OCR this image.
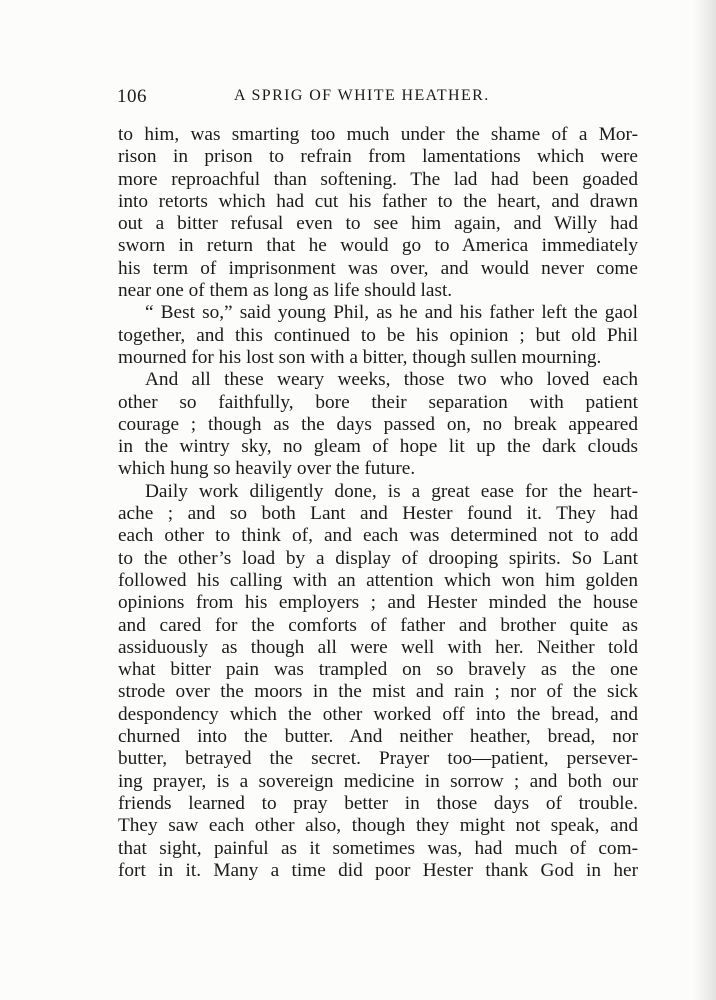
106	A SPRIG OF WHITE HEATHER.
to him, was smarting too much under the shame of a Mor-
rison in prison to refrain from lamentations which were
more reproachful than softening. The lad had been goaded
into retorts which had cut his father to the heart, and drawn
out a bitter refusal even to see him again, and Willy had
sworn in return that he would go to America immediately
his term of imprisonment was over, and would never come
near one of them as long as life should last.
“ Best so,” said young Phil, as he and his father left the gaol
together, and this continued to be his opinion ; but old Phil
mourned for his lost son with a bitter, though sullen mourning.
And all these weary weeks, those two who loved each
other so faithfully, bore their separation with patient
courage ; though as the days passed on, no break appeared
in the wintry sky, no gleam of hope lit up the dark clouds
which hung so heavily over the future.
Daily work diligently done, is a great ease for the heart-
ache ; and so both Lant and Hester found it. They had
each other to think of, and each was determined not to add
to the other’s load by a display of drooping spirits. So Lant
followed his calling with an attention which won him golden
opinions from his employers ; and Hester minded the house
and cared for the comforts of father and brother quite as
assiduously as though all were well with her. Neither told
what bitter pain was trampled on so bravely as the one
strode over the moors in the mist and rain ; nor of the sick
despondency which the other worked off into the bread, and
churned into the butter. And neither heather, bread, nor
butter, betrayed the secret. Prayer too—patient, persever-
ing prayer, is a sovereign medicine in sorrow ; and both our
friends learned to pray better in those days of trouble.
They saw each other also, though they might not speak, and
that sight, painful as it sometimes was, had much of com-
fort in it. Many a time did poor Hester thank God in her
